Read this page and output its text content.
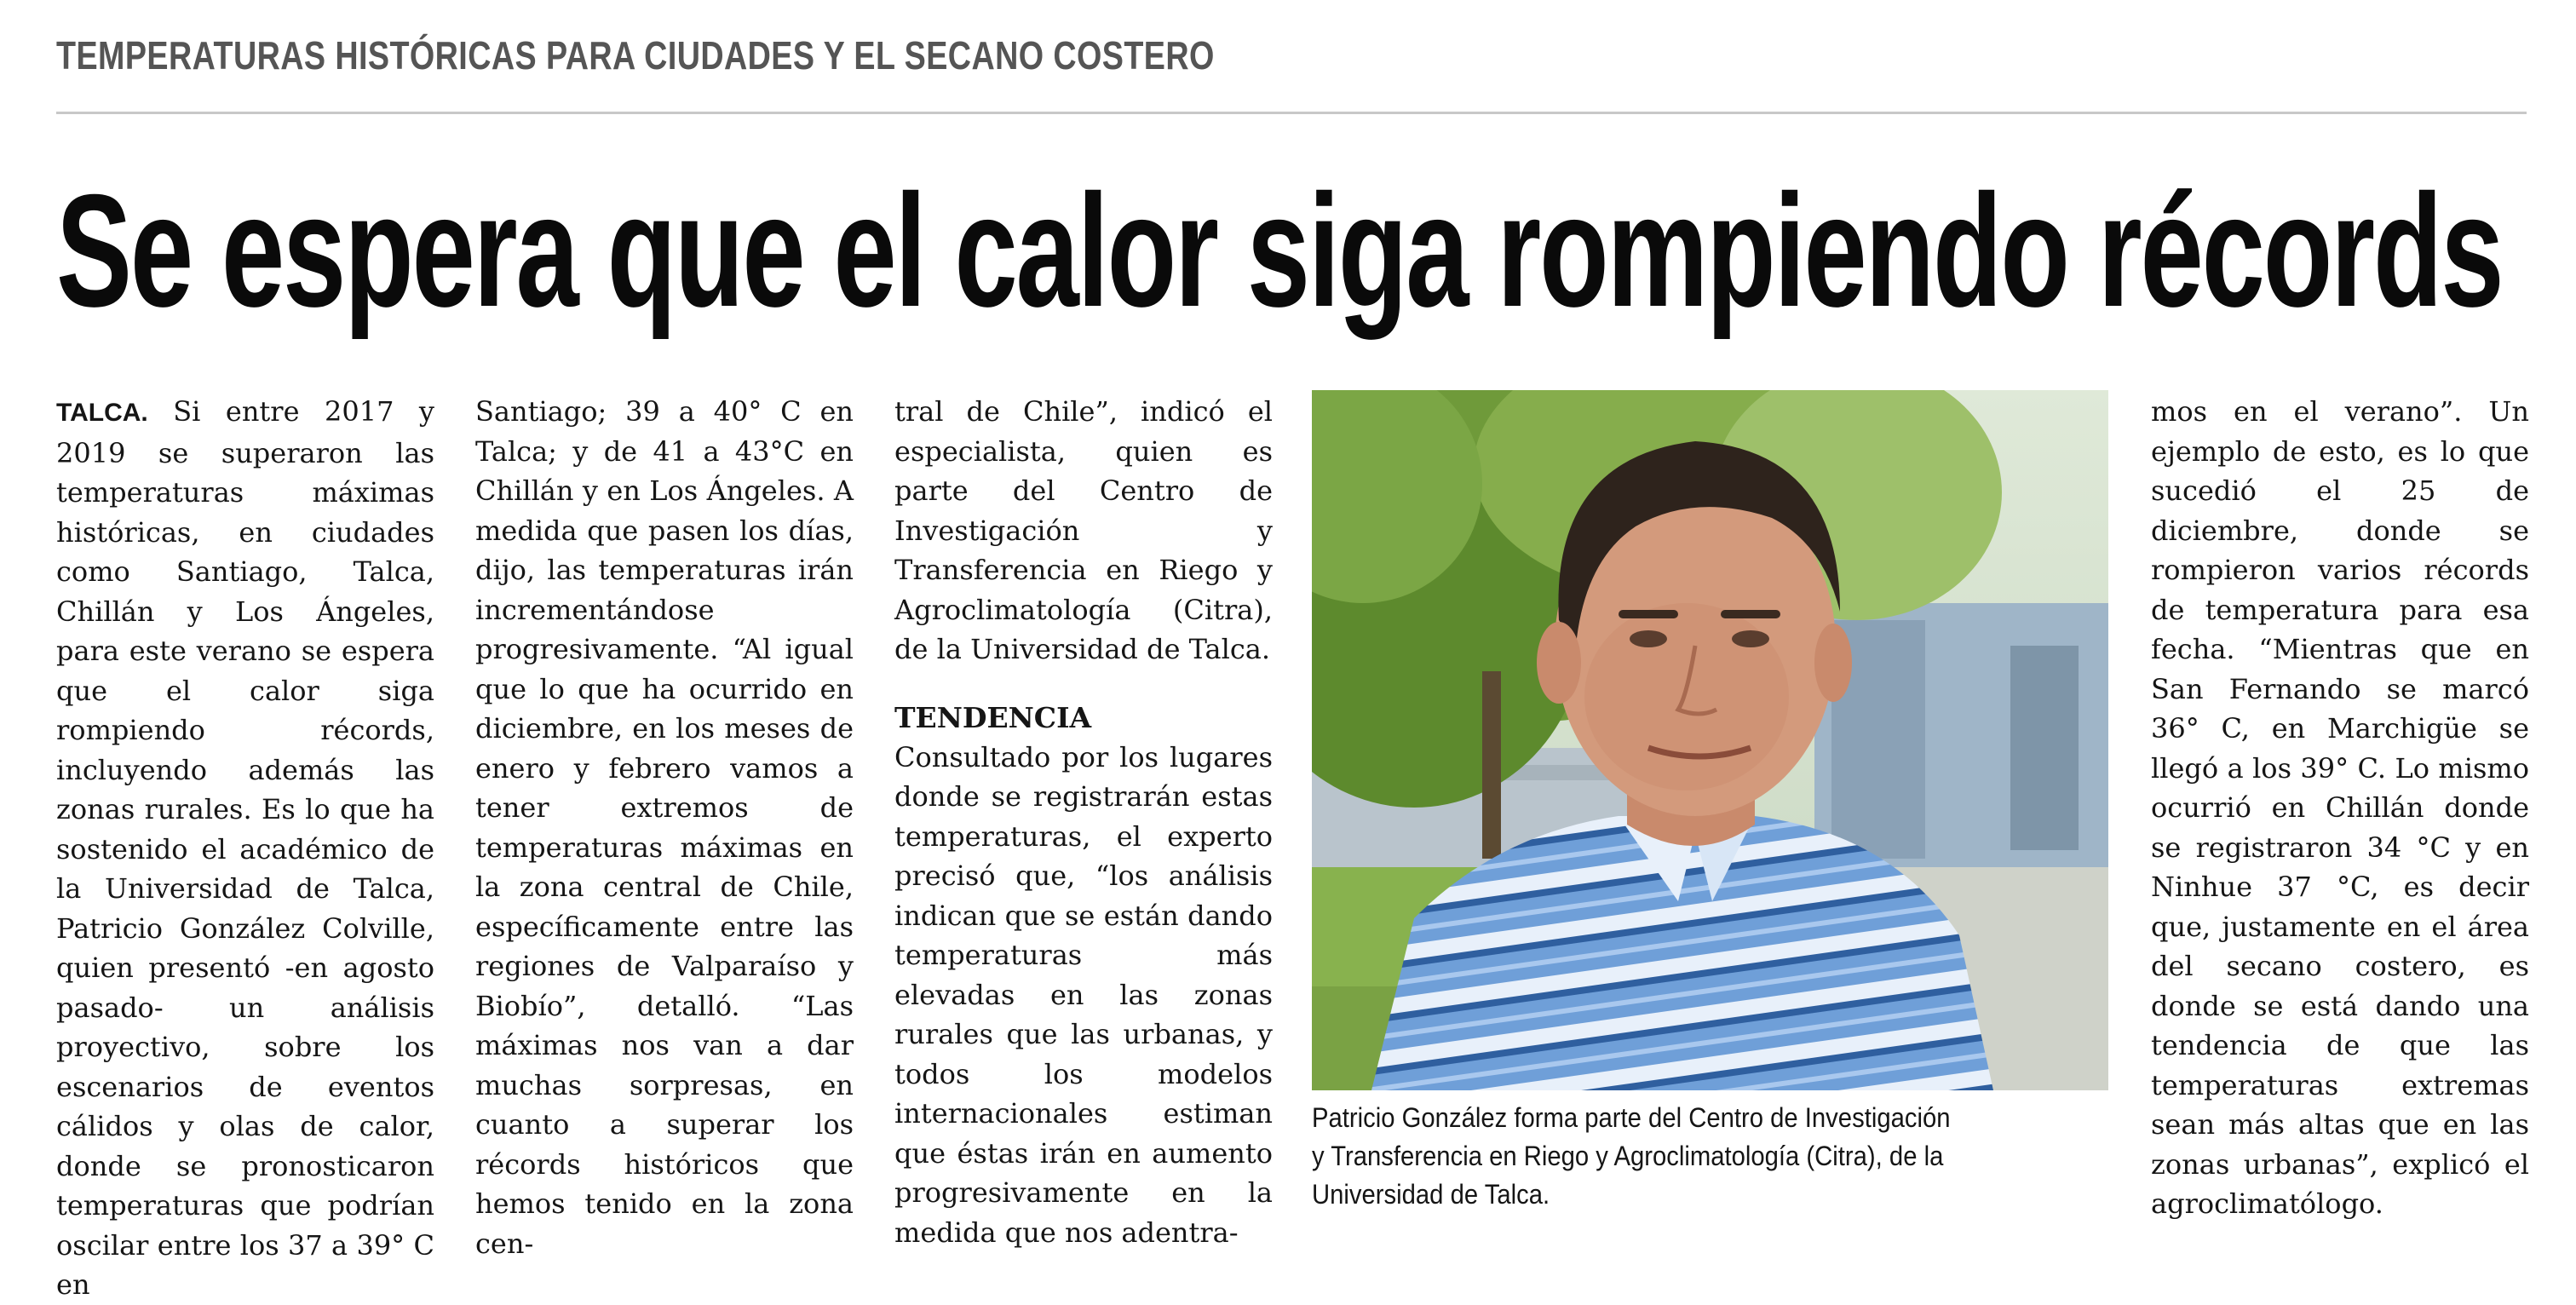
TEMPERATURAS HISTÓRICAS PARA CIUDADES Y EL SECANO COSTERO
Se espera que el calor siga rompiendo récords

TALCA. Si entre 2017 y 2019 se superaron las temperaturas máximas históricas, en ciudades como Santiago, Talca, Chillán y Los Ángeles, para este verano se espera que el calor siga rompiendo récords, incluyendo además las zonas rurales. Es lo que ha sostenido el académico de la Universidad de Talca, Patricio González Colville, quien presentó -en agosto pasado- un análisis proyectivo, sobre los escenarios de eventos cálidos y olas de calor, donde se pronosticaron temperaturas que podrían oscilar entre los 37 a 39° C en

Santiago; 39 a 40° C en Talca; y de 41 a 43°C en Chillán y en Los Ángeles. A medida que pasen los días, dijo, las temperaturas irán incrementándose progresivamente. “Al igual que lo que ha ocurrido en diciembre, en los meses de enero y febrero vamos a tener extremos de temperaturas máximas en la zona central de Chile, específicamente entre las regiones de Valparaíso y Biobío”, detalló. “Las máximas nos van a dar muchas sorpresas, en cuanto a superar los récords históricos que hemos tenido en la zona cen-

tral de Chile”, indicó el especialista, quien es parte del Centro de Investigación y Transferencia en Riego y Agroclimatología (Citra), de la Universidad de Talca.

TENDENCIA

Consultado por los lugares donde se registrarán estas temperaturas, el experto precisó que, “los análisis indican que se están dando temperaturas más elevadas en las zonas rurales que las urbanas, y todos los modelos internacionales estiman que éstas irán en aumento progresivamente en la medida que nos adentra-

Patricio González forma parte del Centro de Investigación
y Transferencia en Riego y Agroclimatología (Citra), de la
Universidad de Talca.

mos en el verano”. Un ejemplo de esto, es lo que sucedió el 25 de diciembre, donde se rompieron varios récords de temperatura para esa fecha. “Mientras que en San Fernando se marcó 36° C, en Marchigüe se llegó a los 39° C. Lo mismo ocurrió en Chillán donde se registraron 34 °C y en Ninhue 37 °C, es decir que, justamente en el área del secano costero, es donde se está dando una tendencia de que las temperaturas extremas sean más altas que en las zonas urbanas”, explicó el agroclimatólogo.
